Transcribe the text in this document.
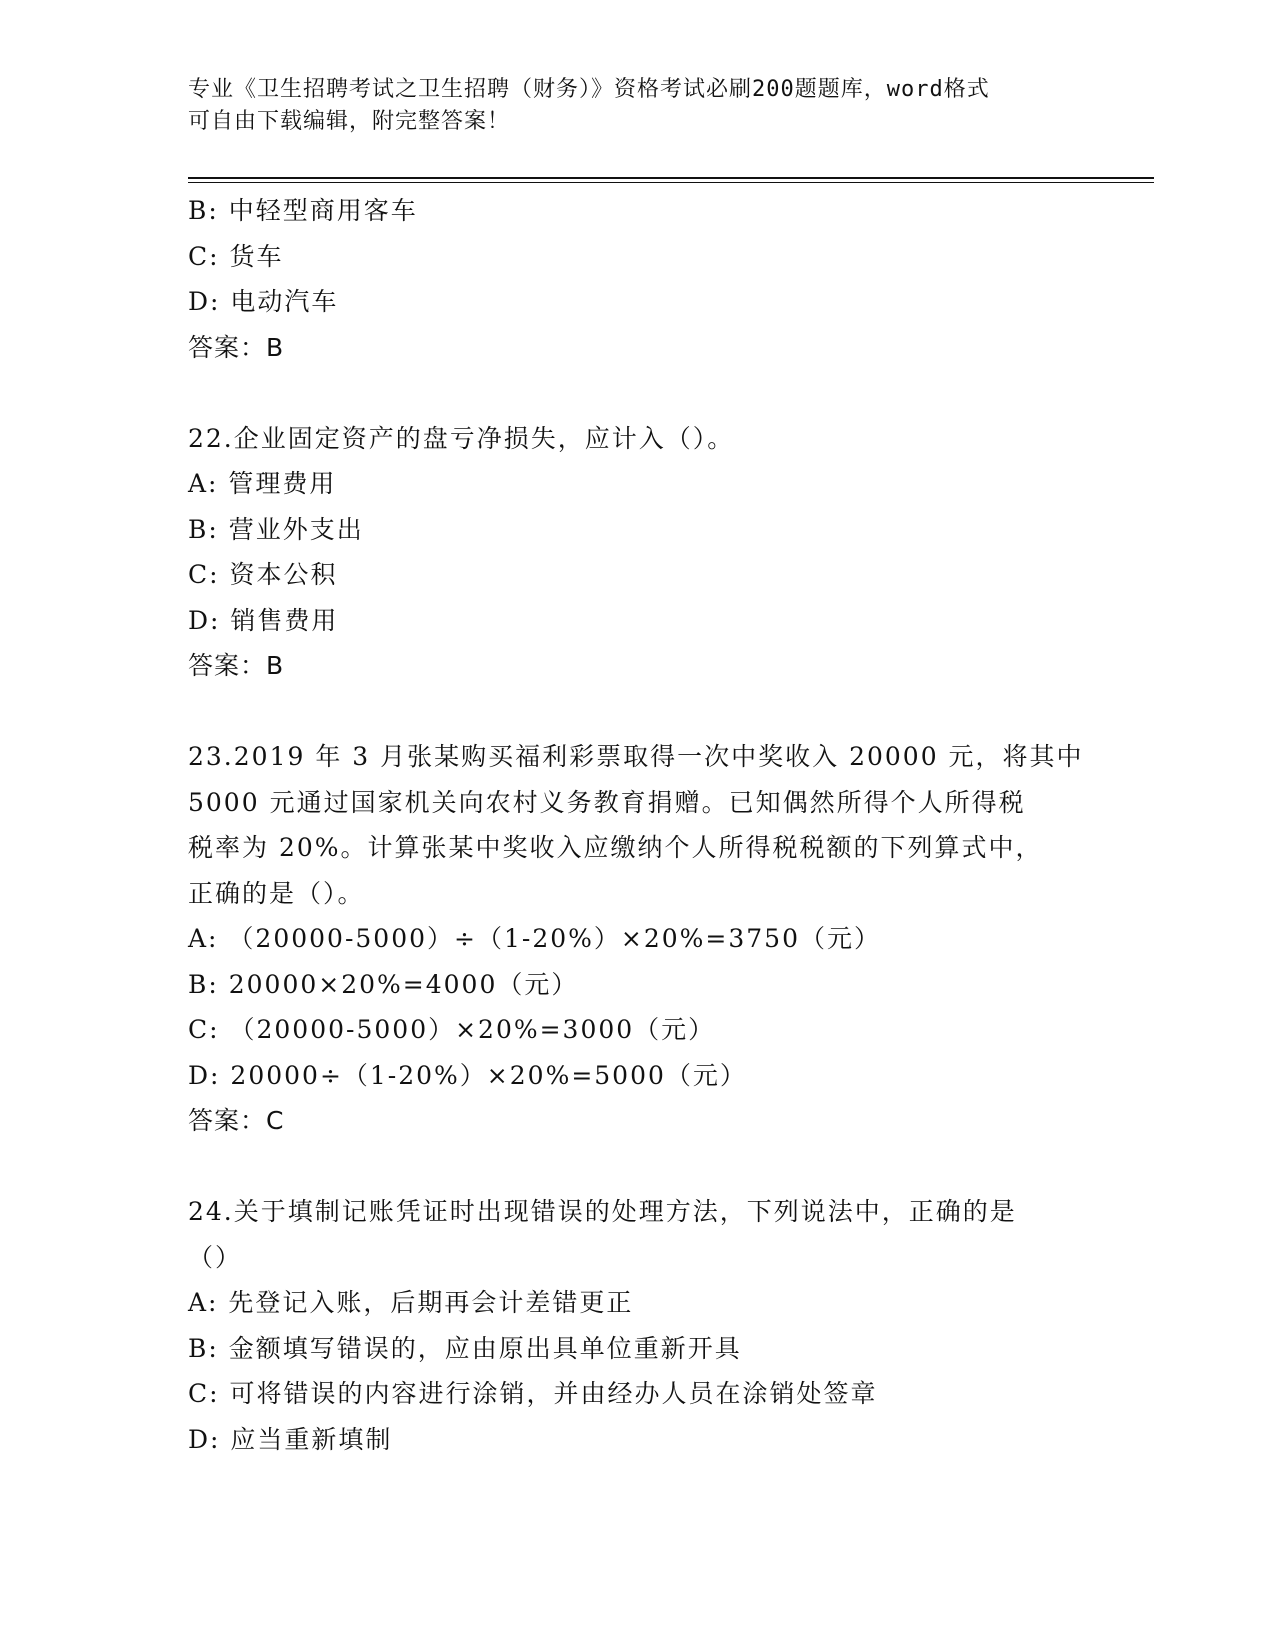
专业《卫生招聘考试之卫生招聘（财务）》资格考试必刷200题题库，word格式
可自由下载编辑，附完整答案！
B: 中轻型商用客车
C: 货车
D: 电动汽车
答案：B
22.企业固定资产的盘亏净损失，应计入（）。
A: 管理费用
B: 营业外支出
C: 资本公积
D: 销售费用
答案：B
23.2019 年 3 月张某购买福利彩票取得一次中奖收入 20000 元，将其中
5000 元通过国家机关向农村义务教育捐赠。已知偶然所得个人所得税
税率为 20%。计算张某中奖收入应缴纳个人所得税税额的下列算式中，
正确的是（）。
A: （20000-5000）÷（1-20%）×20%=3750（元）
B: 20000×20%=4000（元）
C: （20000-5000）×20%=3000（元）
D: 20000÷（1-20%）×20%=5000（元）
答案：C
24.关于填制记账凭证时出现错误的处理方法，下列说法中，正确的是
（）
A: 先登记入账，后期再会计差错更正
B: 金额填写错误的，应由原出具单位重新开具
C: 可将错误的内容进行涂销，并由经办人员在涂销处签章
D: 应当重新填制
